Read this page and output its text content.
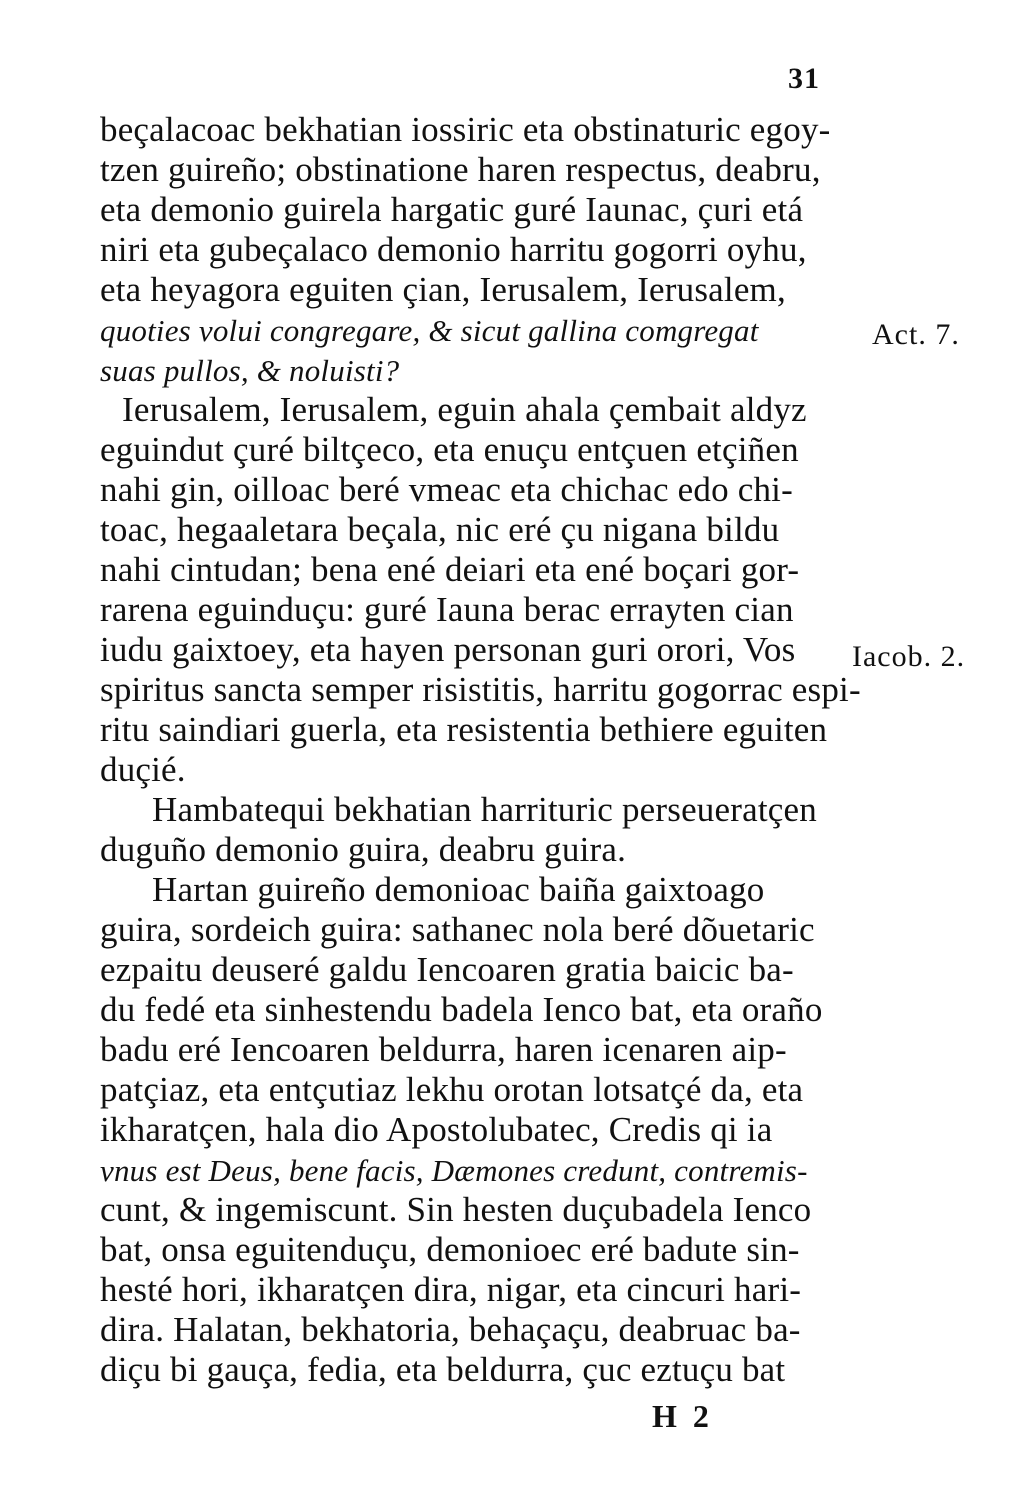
31
beçalacoac bekhatian iossiric eta obstinaturic egoy-
tzen guireño; obstinatione haren respectus, deabru,
eta demonio guirela hargatic guré Iaunac, çuri etá
niri eta gubeçalaco demonio harritu gogorri oyhu,
eta heyagora eguiten çian, Ierusalem, Ierusalem,
quoties volui congregare, & sicut gallina comgregat
suas pullos, & noluisti?
Ierusalem, Ierusalem, eguin ahala çembait aldyz
eguindut çuré biltçeco, eta enuçu entçuen etçiñen
nahi gin, oilloac beré vmeac eta chichac edo chi-
toac, hegaaletara beçala, nic eré çu nigana bildu
nahi cintudan; bena ené deiari eta ené boçari gor-
rarena eguinduçu: guré Iauna berac errayten cian
iudu gaixtoey, eta hayen personan guri orori, Vos
spiritus sancta semper risistitis, harritu gogorrac espi-
ritu saindiari guerla, eta resistentia bethiere eguiten
duçié.
Hambatequi bekhatian harrituric perseueratçen
duguño demonio guira, deabru guira.
Hartan guireño demonioac baiña gaixtoago
guira, sordeich guira: sathanec nola beré dõuetaric
ezpaitu deuseré galdu Iencoaren gratia baicic ba-
du fedé eta sinhestendu badela Ienco bat, eta oraño
badu eré Iencoaren beldurra, haren icenaren aip-
patçiaz, eta entçutiaz lekhu orotan lotsatçé da, eta
ikharatçen, hala dio Apostolubatec, Credis qi ia
vnus est Deus, bene facis, Dæmones credunt, contremis-
cunt, & ingemiscunt. Sin hesten duçubadela Ienco
bat, onsa eguitenduçu, demonioec eré badute sin-
hesté hori, ikharatçen dira, nigar, eta cincuri hari-
dira. Halatan, bekhatoria, behaçaçu, deabruac ba-
diçu bi gauça, fedia, eta beldurra, çuc eztuçu bat
Act. 7.
Iacob. 2.
H 2
